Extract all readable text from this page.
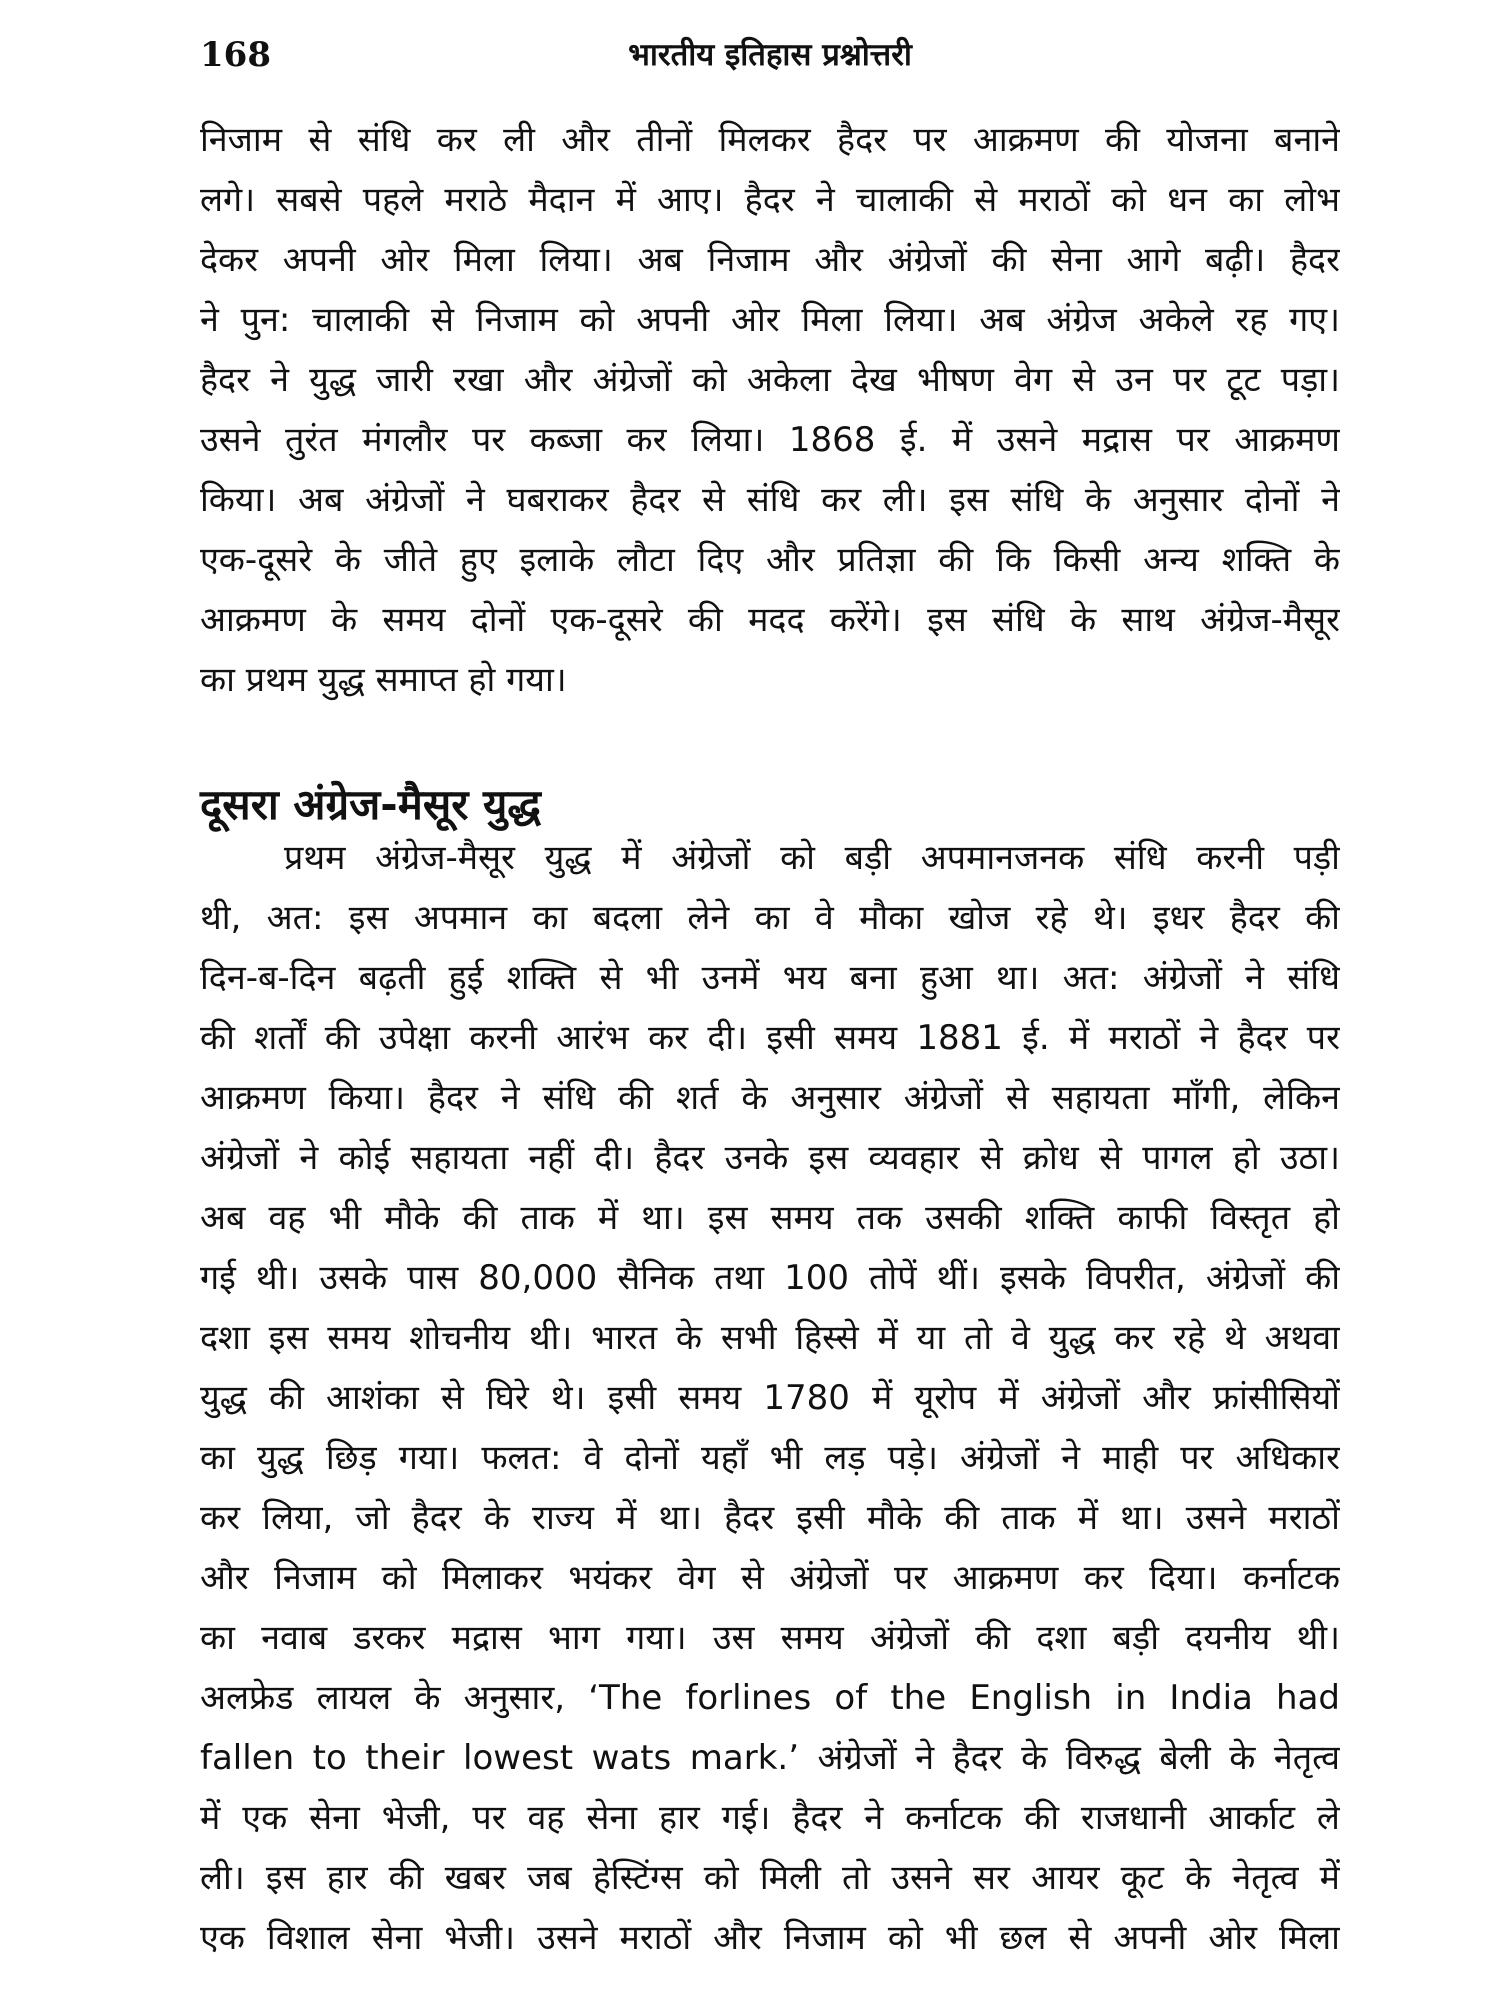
168	भारतीय इतिहास प्रश्नोत्तरी
निजाम से संधि कर ली और तीनों मिलकर हैदर पर आक्रमण की योजना बनाने
लगे। सबसे पहले मराठे मैदान में आए। हैदर ने चालाकी से मराठों को धन का लोभ
देकर अपनी ओर मिला लिया। अब निजाम और अंग्रेजों की सेना आगे बढ़ी। हैदर
ने पुन: चालाकी से निजाम को अपनी ओर मिला लिया। अब अंग्रेज अकेले रह गए।
हैदर ने युद्ध जारी रखा और अंग्रेजों को अकेला देख भीषण वेग से उन पर टूट पड़ा।
उसने तुरंत मंगलौर पर कब्जा कर लिया। 1868 ई. में उसने मद्रास पर आक्रमण
किया। अब अंग्रेजों ने घबराकर हैदर से संधि कर ली। इस संधि के अनुसार दोनों ने
एक-दूसरे के जीते हुए इलाके लौटा दिए और प्रतिज्ञा की कि किसी अन्य शक्ति के
आक्रमण के समय दोनों एक-दूसरे की मदद करेंगे। इस संधि के साथ अंग्रेज-मैसूर
का प्रथम युद्ध समाप्त हो गया।
दूसरा अंग्रेज-मैसूर युद्ध
प्रथम अंग्रेज-मैसूर युद्ध में अंग्रेजों को बड़ी अपमानजनक संधि करनी पड़ी
थी, अत: इस अपमान का बदला लेने का वे मौका खोज रहे थे। इधर हैदर की
दिन-ब-दिन बढ़ती हुई शक्ति से भी उनमें भय बना हुआ था। अत: अंग्रेजों ने संधि
की शर्तों की उपेक्षा करनी आरंभ कर दी। इसी समय 1881 ई. में मराठों ने हैदर पर
आक्रमण किया। हैदर ने संधि की शर्त के अनुसार अंग्रेजों से सहायता माँगी, लेकिन
अंग्रेजों ने कोई सहायता नहीं दी। हैदर उनके इस व्यवहार से क्रोध से पागल हो उठा।
अब वह भी मौके की ताक में था। इस समय तक उसकी शक्ति काफी विस्तृत हो
गई थी। उसके पास 80,000 सैनिक तथा 100 तोपें थीं। इसके विपरीत, अंग्रेजों की
दशा इस समय शोचनीय थी। भारत के सभी हिस्से में या तो वे युद्ध कर रहे थे अथवा
युद्ध की आशंका से घिरे थे। इसी समय 1780 में यूरोप में अंग्रेजों और फ्रांसीसियों
का युद्ध छिड़ गया। फलत: वे दोनों यहाँ भी लड़ पड़े। अंग्रेजों ने माही पर अधिकार
कर लिया, जो हैदर के राज्य में था। हैदर इसी मौके की ताक में था। उसने मराठों
और निजाम को मिलाकर भयंकर वेग से अंग्रेजों पर आक्रमण कर दिया। कर्नाटक
का नवाब डरकर मद्रास भाग गया। उस समय अंग्रेजों की दशा बड़ी दयनीय थी।
अलफ्रेड लायल के अनुसार, ‘The forlines of the English in India had
fallen to their lowest wats mark.’ अंग्रेजों ने हैदर के विरुद्ध बेली के नेतृत्व
में एक सेना भेजी, पर वह सेना हार गई। हैदर ने कर्नाटक की राजधानी आर्काट ले
ली। इस हार की खबर जब हेस्टिंग्स को मिली तो उसने सर आयर कूट के नेतृत्व में
एक विशाल सेना भेजी। उसने मराठों और निजाम को भी छल से अपनी ओर मिला
